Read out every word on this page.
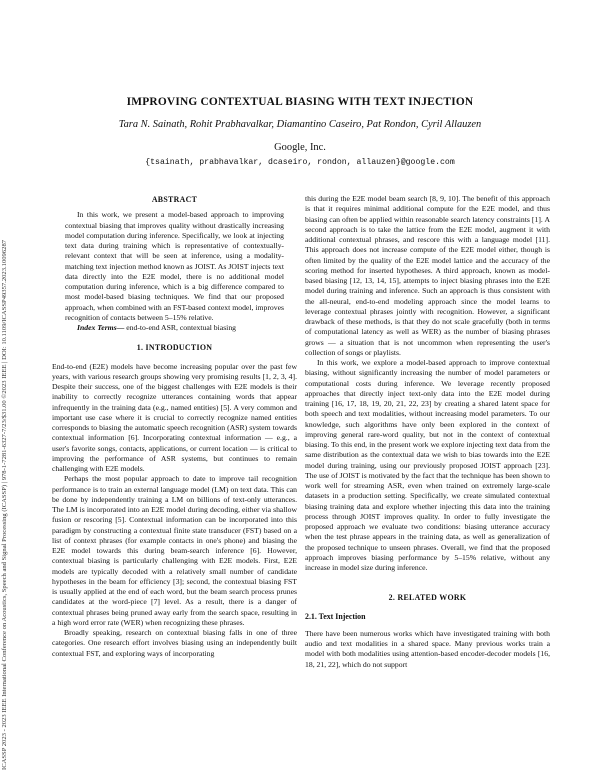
ICASSP 2023 - 2023 IEEE International Conference on Acoustics, Speech and Signal Processing (ICASSP) | 978-1-7281-6327-7/23/$31.00 ©2023 IEEE | DOI: 10.1109/ICASSP49357.2023.10096287
IMPROVING CONTEXTUAL BIASING WITH TEXT INJECTION
Tara N. Sainath, Rohit Prabhavalkar, Diamantino Caseiro, Pat Rondon, Cyril Allauzen
Google, Inc.
{tsainath, prabhavalkar, dcaseiro, rondon, allauzen}@google.com
ABSTRACT

In this work, we present a model-based approach to improving contextual biasing that improves quality without drastically increasing model computation during inference. Specifically, we look at injecting text data during training which is representative of contextually-relevant context that will be seen at inference, using a modality-matching text injection method known as JOIST. As JOIST injects text data directly into the E2E model, there is no additional model computation during inference, which is a big difference compared to most model-based biasing techniques. We find that our proposed approach, when combined with an FST-based context model, improves recognition of contacts between 5–15% relative.

Index Terms— end-to-end ASR, contextual biasing

1. INTRODUCTION

End-to-end (E2E) models have become increasing popular over the past few years, with various research groups showing very promising results [1, 2, 3, 4]. Despite their success, one of the biggest challenges with E2E models is their inability to correctly recognize utterances containing words that appear infrequently in the training data (e.g., named entities) [5]. A very common and important use case where it is crucial to correctly recognize named entities corresponds to biasing the automatic speech recognition (ASR) system towards contextual information [6]. Incorporating contextual information — e.g., a user's favorite songs, contacts, applications, or current location — is critical to improving the performance of ASR systems, but continues to remain challenging with E2E models.

Perhaps the most popular approach to date to improve tail recognition performance is to train an external language model (LM) on text data. This can be done by independently training a LM on billions of text-only utterances. The LM is incorporated into an E2E model during decoding, either via shallow fusion or rescoring [5]. Contextual information can be incorporated into this paradigm by constructing a contextual finite state transducer (FST) based on a list of context phrases (for example contacts in one's phone) and biasing the E2E model towards this during beam-search inference [6]. However, contextual biasing is particularly challenging with E2E models. First, E2E models are typically decoded with a relatively small number of candidate hypotheses in the beam for efficiency [3]; second, the contextual biasing FST is usually applied at the end of each word, but the beam search process prunes candidates at the word-piece [7] level. As a result, there is a danger of contextual phrases being pruned away early from the search space, resulting in a high word error rate (WER) when recognizing these phrases.

Broadly speaking, research on contextual biasing falls in one of three categories. One research effort involves biasing using an independently built contextual FST, and exploring ways of incorporating

this during the E2E model beam search [8, 9, 10]. The benefit of this approach is that it requires minimal additional compute for the E2E model, and thus biasing can often be applied within reasonable search latency constraints [1]. A second approach is to take the lattice from the E2E model, augment it with additional contextual phrases, and rescore this with a language model [11]. This approach does not increase compute of the E2E model either, though is often limited by the quality of the E2E model lattice and the accuracy of the scoring method for inserted hypotheses. A third approach, known as model-based biasing [12, 13, 14, 15], attempts to inject biasing phrases into the E2E model during training and inference. Such an approach is thus consistent with the all-neural, end-to-end modeling approach since the model learns to leverage contextual phrases jointly with recognition. However, a significant drawback of these methods, is that they do not scale gracefully (both in terms of computational latency as well as WER) as the number of biasing phrases grows — a situation that is not uncommon when representing the user's collection of songs or playlists.

In this work, we explore a model-based approach to improve contextual biasing, without significantly increasing the number of model parameters or computational costs during inference. We leverage recently proposed approaches that directly inject text-only data into the E2E model during training [16, 17, 18, 19, 20, 21, 22, 23] by creating a shared latent space for both speech and text modalities, without increasing model parameters. To our knowledge, such algorithms have only been explored in the context of improving general rare-word quality, but not in the context of contextual biasing. To this end, in the present work we explore injecting text data from the same distribution as the contextual data we wish to bias towards into the E2E model during training, using our previously proposed JOIST approach [23]. The use of JOIST is motivated by the fact that the technique has been shown to work well for streaming ASR, even when trained on extremely large-scale datasets in a production setting. Specifically, we create simulated contextual biasing training data and explore whether injecting this data into the training process through JOIST improves quality. In order to fully investigate the proposed approach we evaluate two conditions: biasing utterance accuracy when the test phrase appears in the training data, as well as generalization of the proposed technique to unseen phrases. Overall, we find that the proposed approach improves biasing performance by 5–15% relative, without any increase in model size during inference.

2. RELATED WORK
2.1. Text Injection

There have been numerous works which have investigated training with both audio and text modalities in a shared space. Many previous works train a model with both modalities using attention-based encoder-decoder models [16, 18, 21, 22], which do not support
